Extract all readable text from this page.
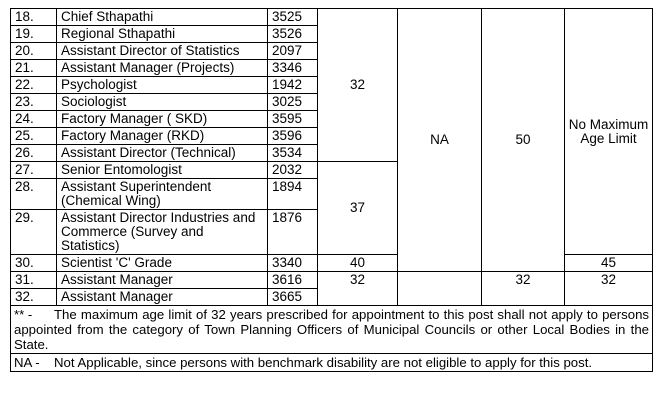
18.	Chief Sthapathi	3525	32	NA	50	No Maximum Age Limit
19.	Regional Sthapathi	3526				
20.	Assistant Director of Statistics	2097				
21.	Assistant Manager (Projects)	3346				
22.	Psychologist	1942				
23.	Sociologist	3025				
24.	Factory Manager ( SKD)	3595				
25.	Factory Manager (RKD)	3596				
26.	Assistant Director (Technical)	3534				
27.	Senior Entomologist	2032	37			
28.	Assistant Superintendent (Chemical Wing)	1894				
29.	Assistant Director Industries and Commerce (Survey and Statistics)	1876				
30.	Scientist 'C' Grade	3340	40			45
31.	Assistant Manager	3616	32		32	32
32.	Assistant Manager	3665				

** - The maximum age limit of 32 years prescribed for appointment to this post shall not apply to persons appointed from the category of Town Planning Officers of Municipal Councils or other Local Bodies in the State.						

NA - Not Applicable, since persons with benchmark disability are not eligible to apply for this post.						
